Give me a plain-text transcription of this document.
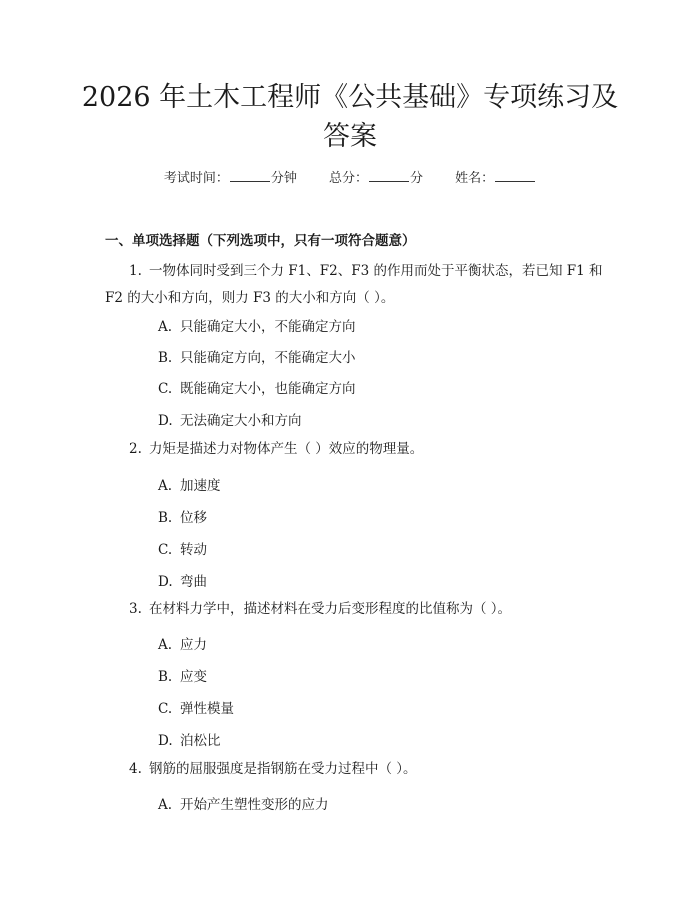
2026 年土木工程师《公共基础》专项练习及
答案
考试时间：	分钟 总分：	分 姓名：
一、单项选择题（下列选项中，只有一项符合题意）
1. 一物体同时受到三个力 F1、F2、F3 的作用而处于平衡状态，若已知 F1 和 F2 的大小和方向，则力 F3 的大小和方向（ ）。
A. 只能确定大小，不能确定方向
B. 只能确定方向，不能确定大小
C. 既能确定大小，也能确定方向
D. 无法确定大小和方向
2. 力矩是描述力对物体产生（ ）效应的物理量。
A. 加速度
B. 位移
C. 转动
D. 弯曲
3. 在材料力学中，描述材料在受力后变形程度的比值称为（ ）。
A. 应力
B. 应变
C. 弹性模量
D. 泊松比
4. 钢筋的屈服强度是指钢筋在受力过程中（ ）。
A. 开始产生塑性变形的应力
